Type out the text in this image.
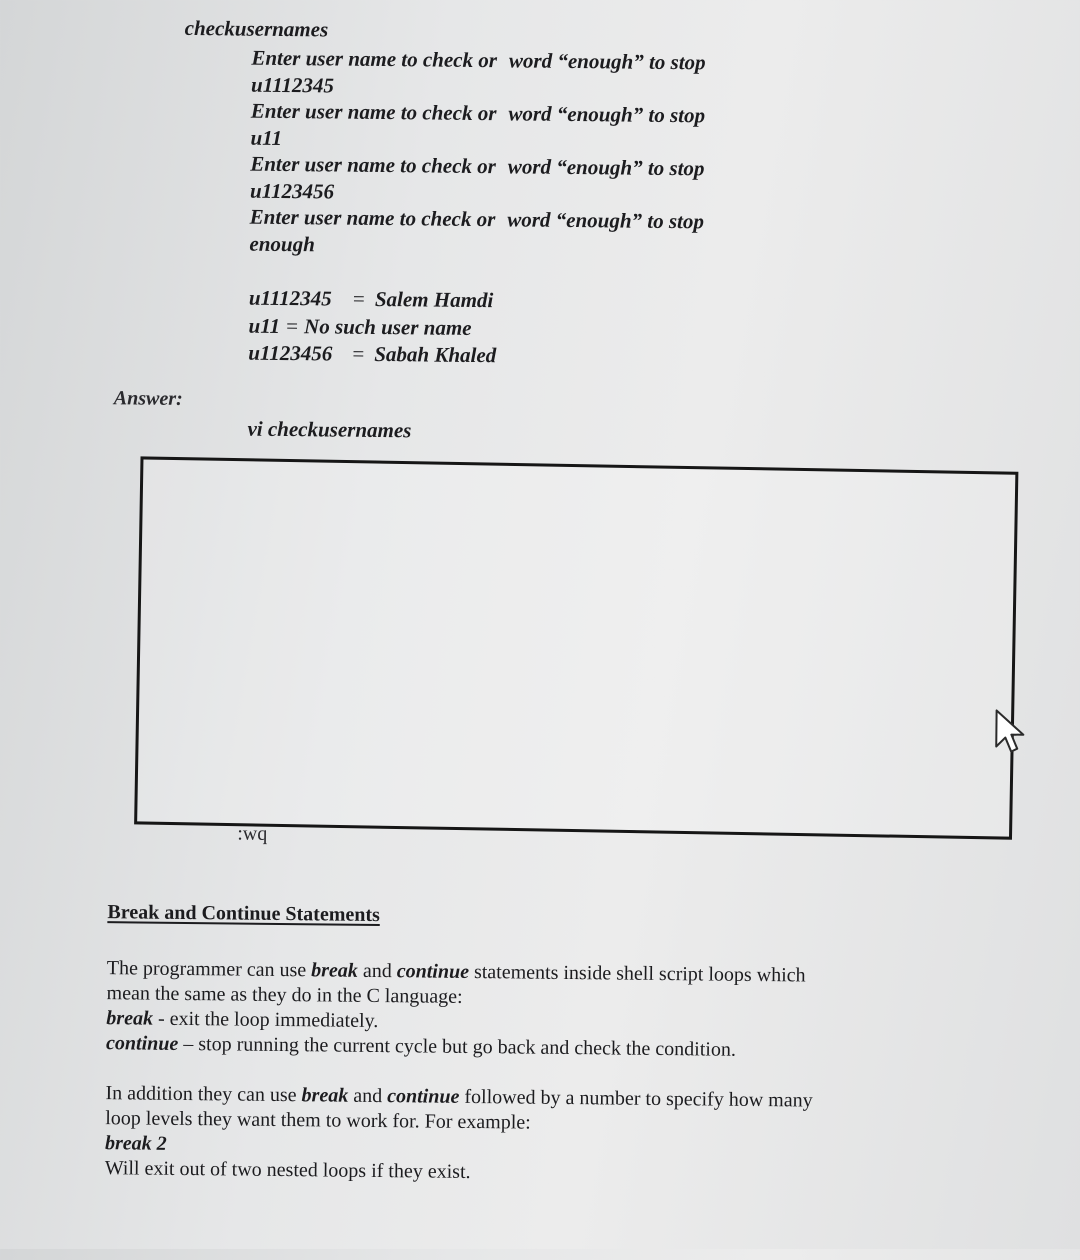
checkusernames
Enter user name to check or word “enough” to stop
u1112345
Enter user name to check or word “enough” to stop
u11
Enter user name to check or word “enough” to stop
u1123456
Enter user name to check or word “enough” to stop
enough
u1112345 = Salem Hamdi
u11 = No such user name
u1123456 = Sabah Khaled
Answer:
vi checkusernames
:wq
Break and Continue Statements
The programmer can use break and continue statements inside shell script loops which
mean the same as they do in the C language:
break - exit the loop immediately.
continue – stop running the current cycle but go back and check the condition.
In addition they can use break and continue followed by a number to specify how many
loop levels they want them to work for. For example:
break 2
Will exit out of two nested loops if they exist.
